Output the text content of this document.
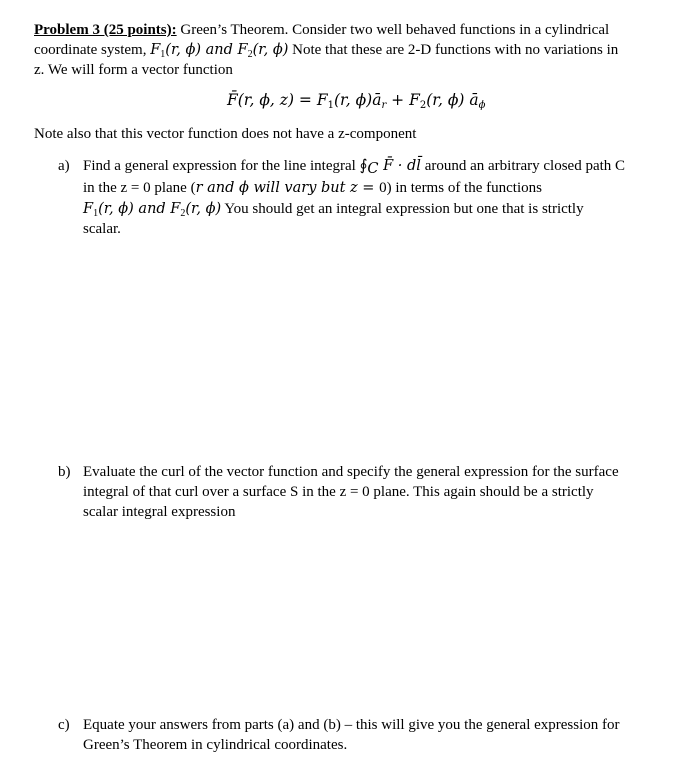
Problem 3 (25 points): Green’s Theorem. Consider two well behaved functions in a cylindrical
coordinate system, $F_1(r$, ϕ) and $F_2(r$, ϕ) Note that these are 2-D functions with no variations in
z. We will form a vector function
F̄(r, ϕ, $z) = F_1(r$, $\phi)ā_r + F_2(r$, ϕ) $ā_\phi$
Note also that this vector function does not have a z-component
a) Find a general expression for the line integral $∮_C$ F̄ · dl̄ around an arbitrary closed path C
in the z = 0 plane (r and ϕ will vary but z = 0) in terms of the functions
$F_1(r$, ϕ) and $F_2(r$, ϕ) You should get an integral expression but one that is strictly
scalar.
b) Evaluate the curl of the vector function and specify the general expression for the surface
integral of that curl over a surface S in the z = 0 plane. This again should be a strictly
scalar integral expression
c) Equate your answers from parts (a) and (b) – this will give you the general expression for
Green’s Theorem in cylindrical coordinates.
